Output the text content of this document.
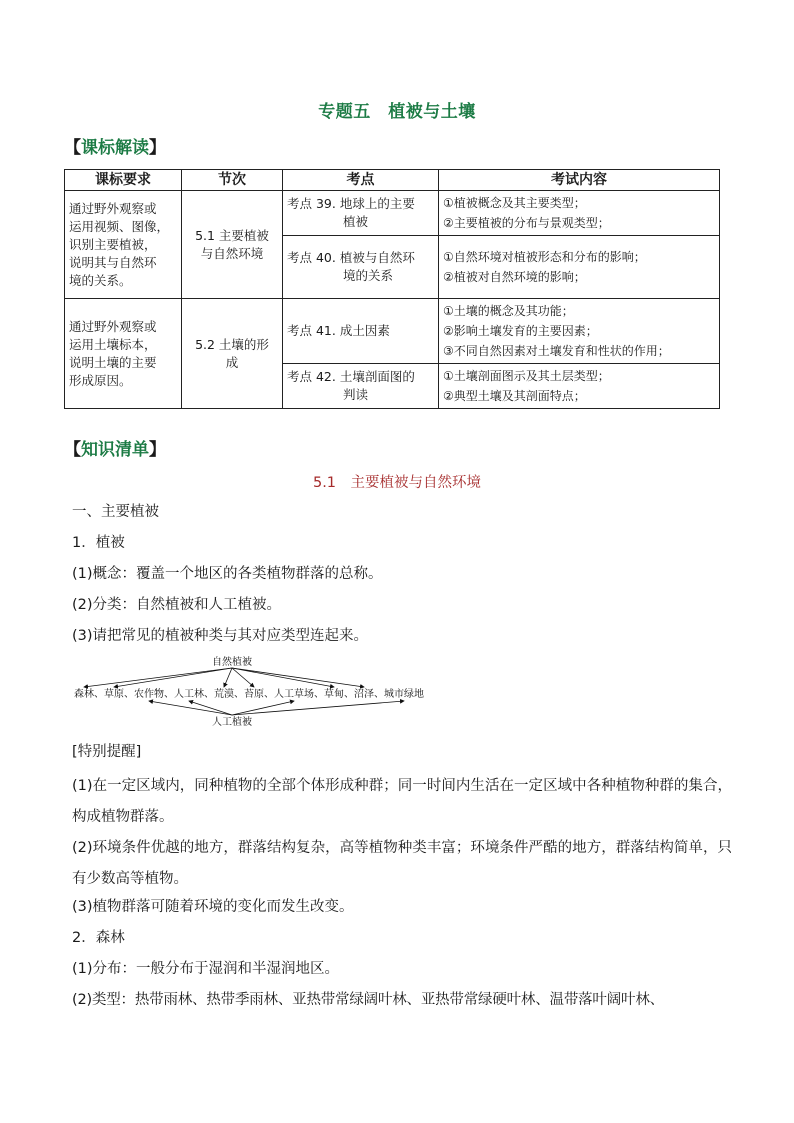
专题五　植被与土壤
【课标解读】
课标要求	节次	考点	考试内容

通过野外观察或
运用视频、图像，
识别主要植被，
说明其与自然环
境的关系。	5.1 主要植被
与自然环境	考点 39. 地球上的主要
植被	①植被概念及其主要类型；
②主要植被的分布与景观类型；

		考点 40. 植被与自然环
境的关系	①自然环境对植被形态和分布的影响；
②植被对自然环境的影响；

通过野外观察或
运用土壤标本，
说明土壤的主要
形成原因。	5.2 土壤的形
成	考点 41. 成土因素	①土壤的概念及其功能；
②影响土壤发育的主要因素；
③不同自然因素对土壤发育和性状的作用；

		考点 42. 土壤剖面图的
判读	①土壤剖面图示及其土层类型；
②典型土壤及其剖面特点；
【知识清单】
5.1　主要植被与自然环境
一、主要植被
1．植被
(1)概念：覆盖一个地区的各类植物群落的总称。
(2)分类：自然植被和人工植被。
(3)请把常见的植被种类与其对应类型连起来。
自然植被
森林 、 草原 、 农作物 、 人工林 、 荒漠 、 苔原 、 人工草场 、 草甸 、 沼泽 、 城市绿地
人工植被
[特别提醒]
(1)在一定区域内，同种植物的全部个体形成种群；同一时间内生活在一定区域中各种植物种群的集合，构成植物群落。
(2)环境条件优越的地方，群落结构复杂，高等植物种类丰富；环境条件严酷的地方，群落结构简单，只有少数高等植物。
(3)植物群落可随着环境的变化而发生改变。
2．森林
(1)分布：一般分布于湿润和半湿润地区。
(2)类型：热带雨林、热带季雨林、亚热带常绿阔叶林、亚热带常绿硬叶林、温带落叶阔叶林、
